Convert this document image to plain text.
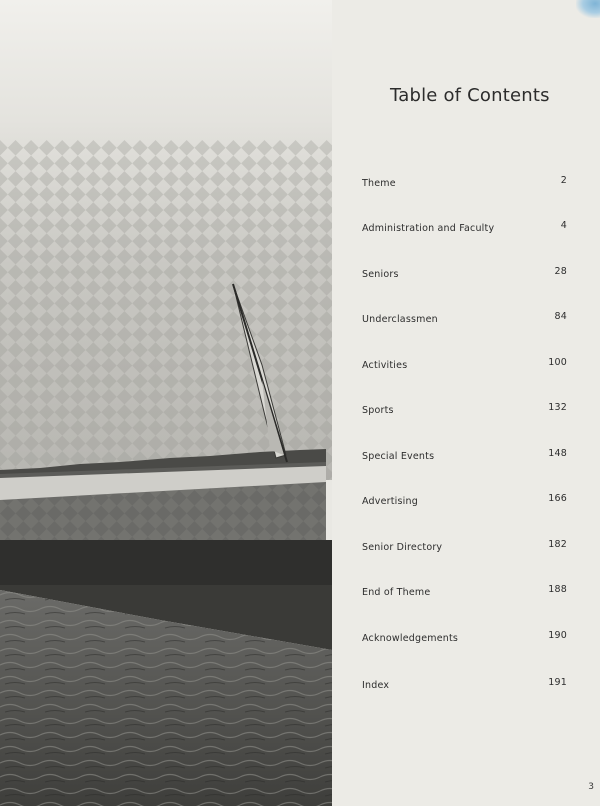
Table of Contents
Theme	2
Administration and Faculty	4
Seniors	28
Underclassmen	84
Activities	100
Sports	132
Special Events	148
Advertising	166
Senior Directory	182
End of Theme	188
Acknowledgements	190
Index	191
3
